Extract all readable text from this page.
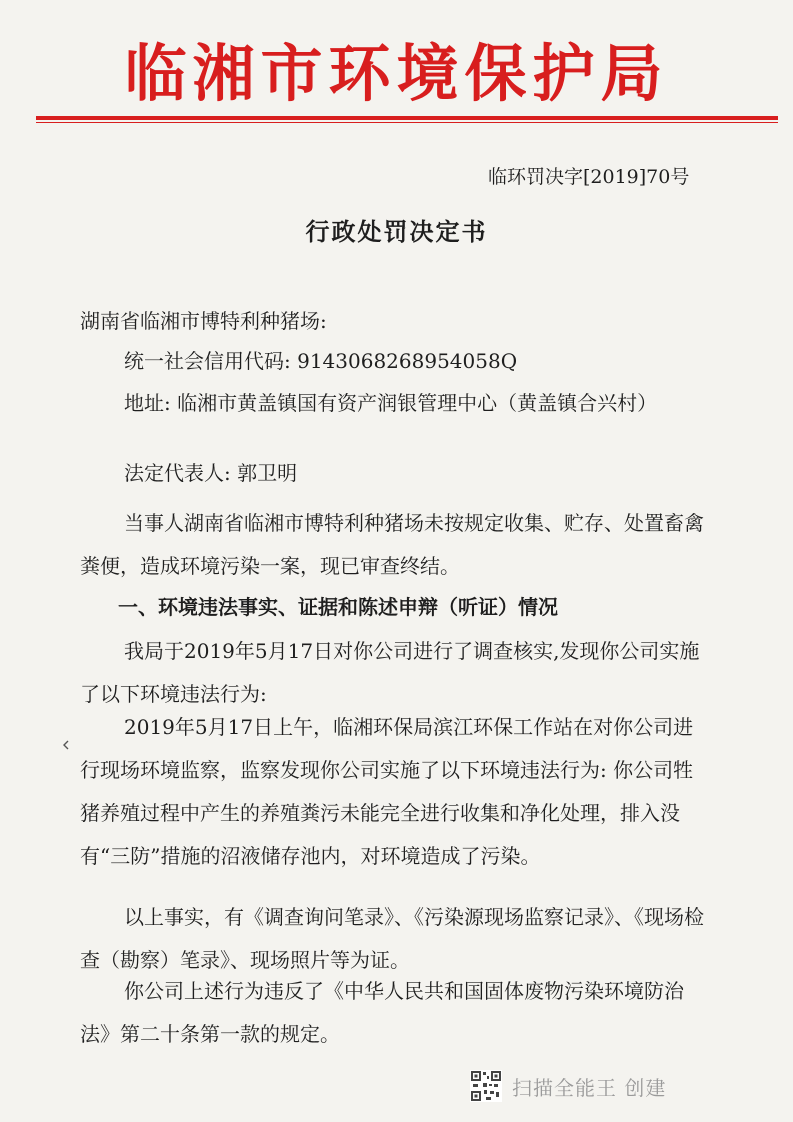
临湘市环境保护局
临环罚决字[2019]70号
行政处罚决定书
湖南省临湘市博特利种猪场:
统一社会信用代码: 9143068268954058Q
地址: 临湘市黄盖镇国有资产润银管理中心（黄盖镇合兴村）
法定代表人: 郭卫明
当事人湖南省临湘市博特利种猪场未按规定收集、贮存、处置畜禽粪便，造成环境污染一案，现已审查终结。
一、环境违法事实、证据和陈述申辩（听证）情况
我局于2019年5月17日对你公司进行了调查核实,发现你公司实施了以下环境违法行为:
2019年5月17日上午，临湘环保局滨江环保工作站在对你公司进行现场环境监察，监察发现你公司实施了以下环境违法行为: 你公司牲猪养殖过程中产生的养殖粪污未能完全进行收集和净化处理，排入没有“三防”措施的沼液储存池内，对环境造成了污染。
以上事实，有《调查询问笔录》、《污染源现场监察记录》、《现场检查（勘察）笔录》、现场照片等为证。
你公司上述行为违反了《中华人民共和国固体废物污染环境防治法》第二十条第一款的规定。
扫描全能王 创建
